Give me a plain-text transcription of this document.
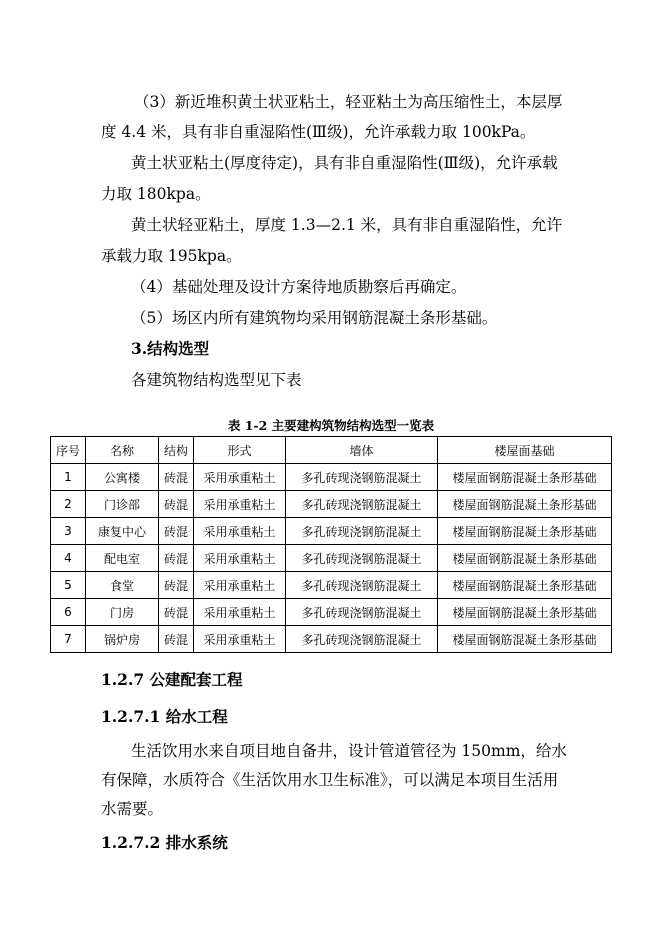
（3）新近堆积黄土状亚粘土，轻亚粘土为高压缩性土，本层厚
度 4.4 米，具有非自重湿陷性(Ⅲ级)，允许承载力取 100kPa。
黄土状亚粘土(厚度待定)，具有非自重湿陷性(Ⅲ级)，允许承载
力取 180kpa。
黄土状轻亚粘土，厚度 1.3—2.1 米，具有非自重湿陷性，允许
承载力取 195kpa。
（4）基础处理及设计方案待地质勘察后再确定。
（5）场区内所有建筑物均采用钢筋混凝土条形基础。
3.结构选型
各建筑物结构选型见下表
表 1-2 主要建构筑物结构选型一览表
序号	名称	结构	形式	墙体	楼屋面基础
1	公寓楼	砖混	采用承重粘土	多孔砖现浇钢筋混凝土	楼屋面钢筋混凝土条形基础
2	门诊部	砖混	采用承重粘土	多孔砖现浇钢筋混凝土	楼屋面钢筋混凝土条形基础
3	康复中心	砖混	采用承重粘土	多孔砖现浇钢筋混凝土	楼屋面钢筋混凝土条形基础
4	配电室	砖混	采用承重粘土	多孔砖现浇钢筋混凝土	楼屋面钢筋混凝土条形基础
5	食堂	砖混	采用承重粘土	多孔砖现浇钢筋混凝土	楼屋面钢筋混凝土条形基础
6	门房	砖混	采用承重粘土	多孔砖现浇钢筋混凝土	楼屋面钢筋混凝土条形基础
7	锅炉房	砖混	采用承重粘土	多孔砖现浇钢筋混凝土	楼屋面钢筋混凝土条形基础
1.2.7 公建配套工程
1.2.7.1 给水工程
生活饮用水来自项目地自备井，设计管道管径为 150mm，给水
有保障，水质符合《生活饮用水卫生标准》，可以满足本项目生活用
水需要。
1.2.7.2 排水系统
